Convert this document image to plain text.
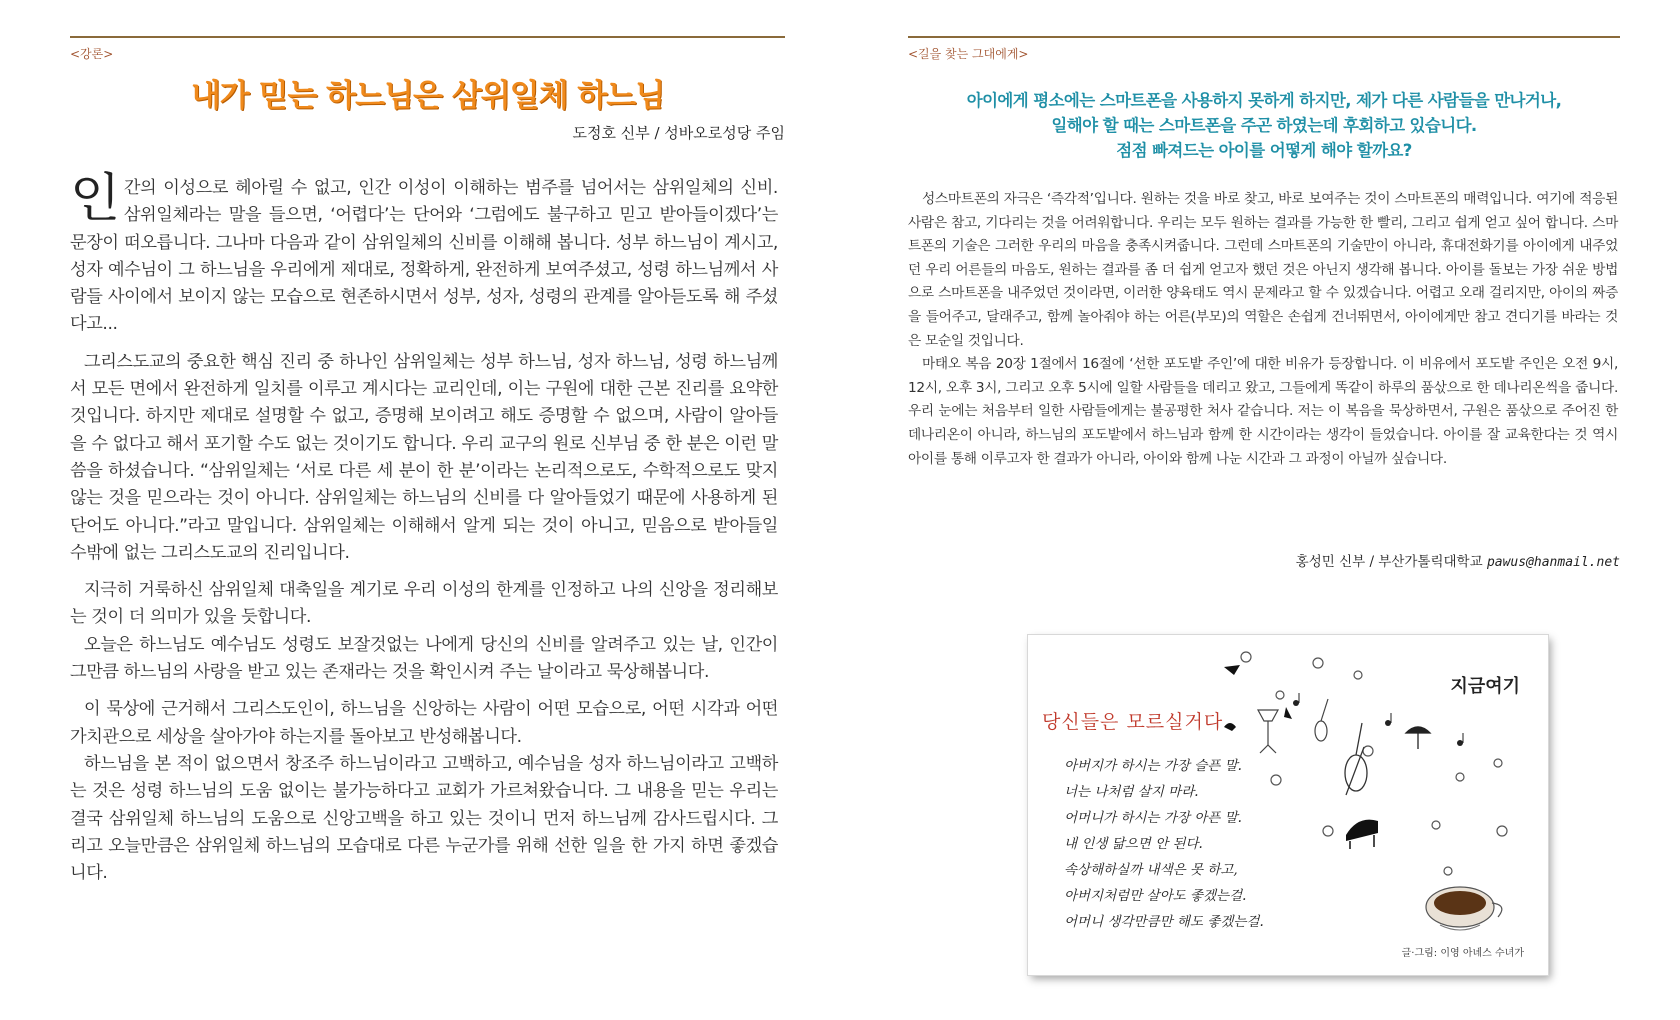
<강론>
내가 믿는 하느님은 삼위일체 하느님
도정호 신부 / 성바오로성당 주임

인간의 이성으로 헤아릴 수 없고, 인간 이성이 이해하는 범주를 넘어서는 삼위일체의 신비. 삼위일체라는 말을 들으면, ‘어렵다’는 단어와 ‘그럼에도 불구하고 믿고 받아들이겠다’는 문장이 떠오릅니다. 그나마 다음과 같이 삼위일체의 신비를 이해해 봅니다. 성부 하느님이 계시고, 성자 예수님이 그 하느님을 우리에게 제대로, 정확하게, 완전하게 보여주셨고, 성령 하느님께서 사람들 사이에서 보이지 않는 모습으로 현존하시면서 성부, 성자, 성령의 관계를 알아듣도록 해 주셨다고...

그리스도교의 중요한 핵심 진리 중 하나인 삼위일체는 성부 하느님, 성자 하느님, 성령 하느님께서 모든 면에서 완전하게 일치를 이루고 계시다는 교리인데, 이는 구원에 대한 근본 진리를 요약한 것입니다. 하지만 제대로 설명할 수 없고, 증명해 보이려고 해도 증명할 수 없으며, 사람이 알아들을 수 없다고 해서 포기할 수도 없는 것이기도 합니다. 우리 교구의 원로 신부님 중 한 분은 이런 말씀을 하셨습니다. “삼위일체는 ‘서로 다른 세 분이 한 분’이라는 논리적으로도, 수학적으로도 맞지 않는 것을 믿으라는 것이 아니다. 삼위일체는 하느님의 신비를 다 알아들었기 때문에 사용하게 된 단어도 아니다.”라고 말입니다. 삼위일체는 이해해서 알게 되는 것이 아니고, 믿음으로 받아들일 수밖에 없는 그리스도교의 진리입니다.

지극히 거룩하신 삼위일체 대축일을 계기로 우리 이성의 한계를 인정하고 나의 신앙을 정리해보는 것이 더 의미가 있을 듯합니다.

오늘은 하느님도 예수님도 성령도 보잘것없는 나에게 당신의 신비를 알려주고 있는 날, 인간이 그만큼 하느님의 사랑을 받고 있는 존재라는 것을 확인시켜 주는 날이라고 묵상해봅니다.

이 묵상에 근거해서 그리스도인이, 하느님을 신앙하는 사람이 어떤 모습으로, 어떤 시각과 어떤 가치관으로 세상을 살아가야 하는지를 돌아보고 반성해봅니다.

하느님을 본 적이 없으면서 창조주 하느님이라고 고백하고, 예수님을 성자 하느님이라고 고백하는 것은 성령 하느님의 도움 없이는 불가능하다고 교회가 가르쳐왔습니다. 그 내용을 믿는 우리는 결국 삼위일체 하느님의 도움으로 신앙고백을 하고 있는 것이니 먼저 하느님께 감사드립시다. 그리고 오늘만큼은 삼위일체 하느님의 모습대로 다른 누군가를 위해 선한 일을 한 가지 하면 좋겠습니다.

<길을 찾는 그대에게>
아이에게 평소에는 스마트폰을 사용하지 못하게 하지만, 제가 다른 사람들을 만나거나,
일해야 할 때는 스마트폰을 주곤 하였는데 후회하고 있습니다.
점점 빠져드는 아이를 어떻게 해야 할까요?

성스마트폰의 자극은 ‘즉각적’입니다. 원하는 것을 바로 찾고, 바로 보여주는 것이 스마트폰의 매력입니다. 여기에 적응된 사람은 참고, 기다리는 것을 어려워합니다. 우리는 모두 원하는 결과를 가능한 한 빨리, 그리고 쉽게 얻고 싶어 합니다. 스마트폰의 기술은 그러한 우리의 마음을 충족시켜줍니다. 그런데 스마트폰의 기술만이 아니라, 휴대전화기를 아이에게 내주었던 우리 어른들의 마음도, 원하는 결과를 좀 더 쉽게 얻고자 했던 것은 아닌지 생각해 봅니다. 아이를 돌보는 가장 쉬운 방법으로 스마트폰을 내주었던 것이라면, 이러한 양육태도 역시 문제라고 할 수 있겠습니다. 어렵고 오래 걸리지만, 아이의 짜증을 들어주고, 달래주고, 함께 놀아줘야 하는 어른(부모)의 역할은 손쉽게 건너뛰면서, 아이에게만 참고 견디기를 바라는 것은 모순일 것입니다.

마태오 복음 20장 1절에서 16절에 ‘선한 포도밭 주인’에 대한 비유가 등장합니다. 이 비유에서 포도밭 주인은 오전 9시, 12시, 오후 3시, 그리고 오후 5시에 일할 사람들을 데리고 왔고, 그들에게 똑같이 하루의 품삯으로 한 데나리온씩을 줍니다. 우리 눈에는 처음부터 일한 사람들에게는 불공평한 처사 같습니다. 저는 이 복음을 묵상하면서, 구원은 품삯으로 주어진 한 데나리온이 아니라, 하느님의 포도밭에서 하느님과 함께 한 시간이라는 생각이 들었습니다. 아이를 잘 교육한다는 것 역시 아이를 통해 이루고자 한 결과가 아니라, 아이와 함께 나눈 시간과 그 과정이 아닐까 싶습니다.

홍성민 신부 / 부산가톨릭대학교 pawus@hanmail.net
지금여기
당신들은 모르실거다
아버지가 하시는 가장 슬픈 말.
너는 나처럼 살지 마라.
어머니가 하시는 가장 아픈 말.
내 인생 닮으면 안 된다.
속상해하실까 내색은 못 하고,
아버지처럼만 살아도 좋겠는걸.
어머니 생각만큼만 해도 좋겠는걸.
글·그림: 이영 아녜스 수녀가
